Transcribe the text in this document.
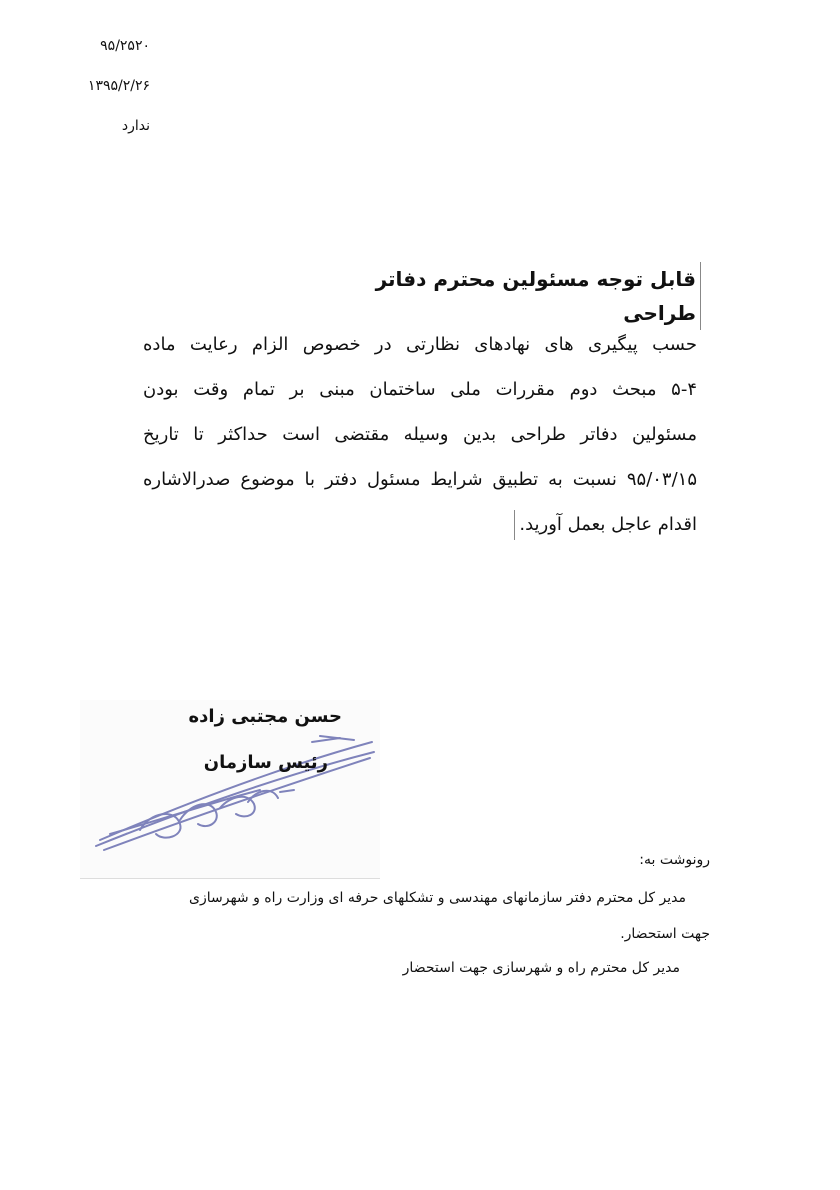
۹۵/۲۵۲۰
۱۳۹۵/۲/۲۶
ندارد
قابل توجه مسئولین محترم دفاتر طراحی
حسب پیگیری های نهادهای نظارتی در خصوص الزام رعایت ماده
۵-۴ مبحث دوم مقررات ملی ساختمان مبنی بر تمام وقت بودن
مسئولین دفاتر طراحی بدین وسیله مقتضی است حداکثر تا تاریخ
۹۵/۰۳/۱۵ نسبت به تطبیق شرایط مسئول دفتر با موضوع صدرالاشاره
اقدام عاجل بعمل آورید.
حسن مجتبی زاده
رئیس سازمان
رونوشت به:
مدیر کل محترم دفتر سازمانهای مهندسی و تشکلهای حرفه ای وزارت راه و شهرسازی
جهت استحضار.
مدیر کل محترم راه و شهرسازی جهت استحضار
